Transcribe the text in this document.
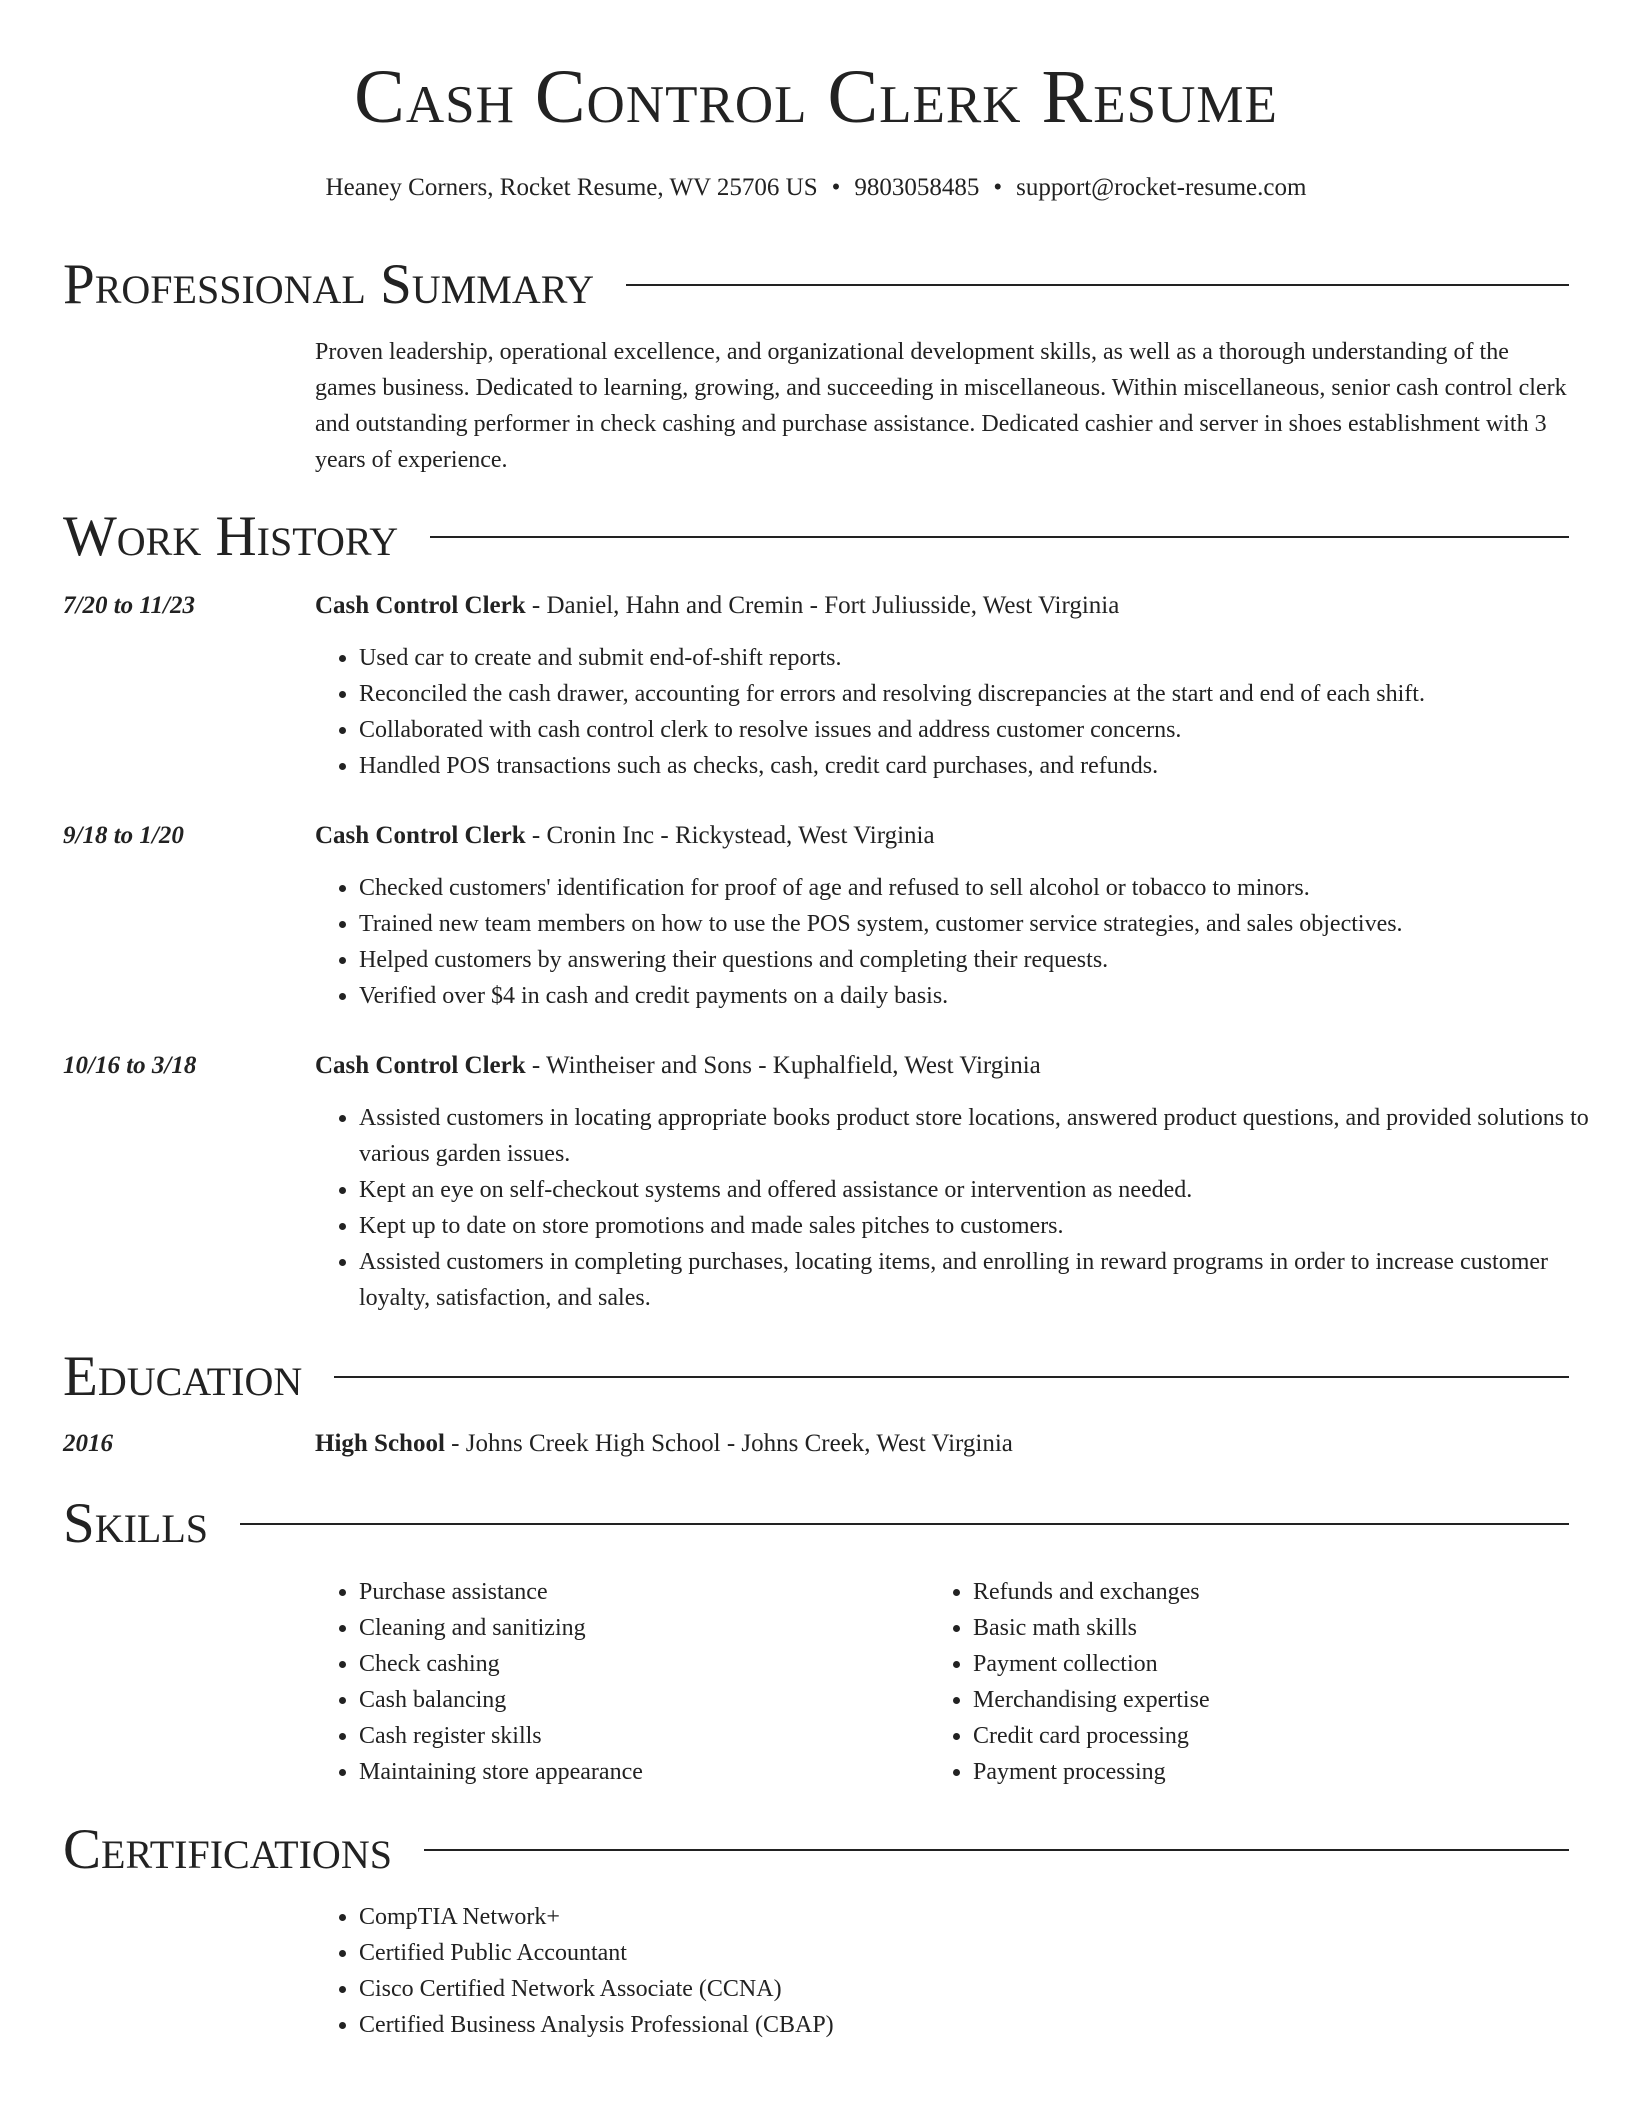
Cash Control Clerk Resume
Heaney Corners, Rocket Resume, WV 25706 US • 9803058485 • support@rocket-resume.com
Professional Summary
Proven leadership, operational excellence, and organizational development skills, as well as a thorough understanding of the games business. Dedicated to learning, growing, and succeeding in miscellaneous. Within miscellaneous, senior cash control clerk and outstanding performer in check cashing and purchase assistance. Dedicated cashier and server in shoes establishment with 3 years of experience.
Work History
7/20 to 11/23	Cash Control Clerk - Daniel, Hahn and Cremin - Fort Juliusside, West Virginia
• Used car to create and submit end-of-shift reports.
• Reconciled the cash drawer, accounting for errors and resolving discrepancies at the start and end of each shift.
• Collaborated with cash control clerk to resolve issues and address customer concerns.
• Handled POS transactions such as checks, cash, credit card purchases, and refunds.
9/18 to 1/20	Cash Control Clerk - Cronin Inc - Rickystead, West Virginia
• Checked customers' identification for proof of age and refused to sell alcohol or tobacco to minors.
• Trained new team members on how to use the POS system, customer service strategies, and sales objectives.
• Helped customers by answering their questions and completing their requests.
• Verified over $4 in cash and credit payments on a daily basis.
10/16 to 3/18	Cash Control Clerk - Wintheiser and Sons - Kuphalfield, West Virginia
• Assisted customers in locating appropriate books product store locations, answered product questions, and provided solutions to various garden issues.
• Kept an eye on self-checkout systems and offered assistance or intervention as needed.
• Kept up to date on store promotions and made sales pitches to customers.
• Assisted customers in completing purchases, locating items, and enrolling in reward programs in order to increase customer loyalty, satisfaction, and sales.
Education
2016	High School - Johns Creek High School - Johns Creek, West Virginia
Skills
• Purchase assistance
• Cleaning and sanitizing
• Check cashing
• Cash balancing
• Cash register skills
• Maintaining store appearance
• Refunds and exchanges
• Basic math skills
• Payment collection
• Merchandising expertise
• Credit card processing
• Payment processing
Certifications
• CompTIA Network+
• Certified Public Accountant
• Cisco Certified Network Associate (CCNA)
• Certified Business Analysis Professional (CBAP)
